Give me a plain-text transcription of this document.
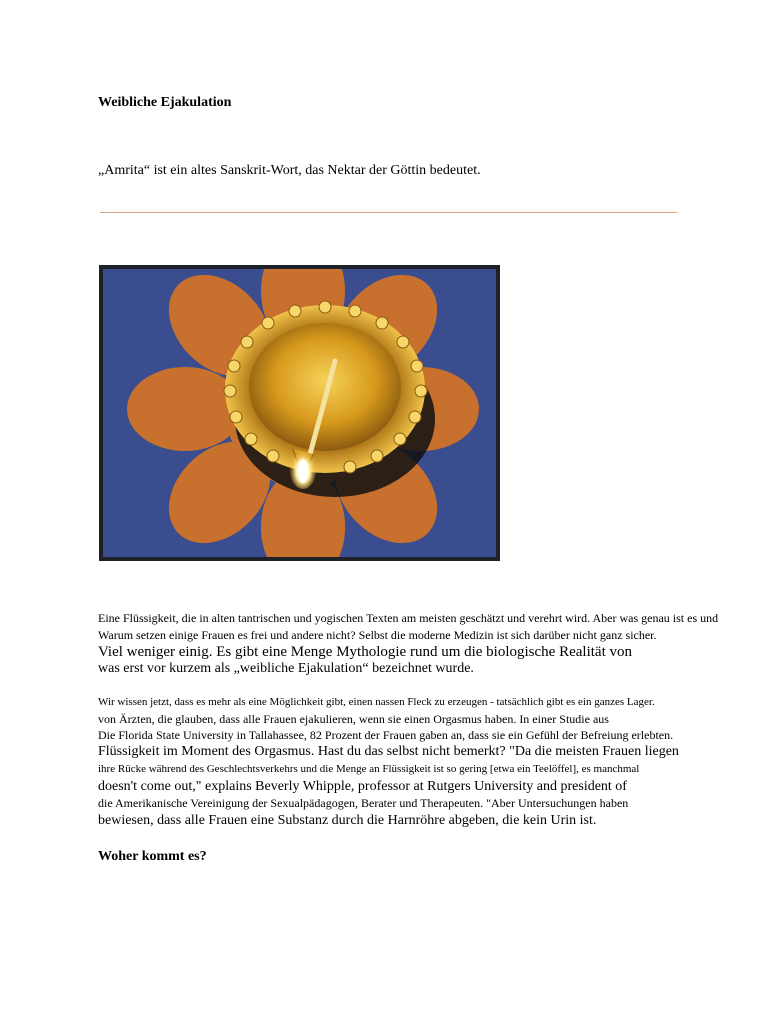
Weibliche Ejakulation
„Amrita“ ist ein altes Sanskrit-Wort, das Nektar der Göttin bedeutet.
Eine Flüssigkeit, die in alten tantrischen und yogischen Texten am meisten geschätzt und verehrt wird. Aber was genau ist es und
Warum setzen einige Frauen es frei und andere nicht? Selbst die moderne Medizin ist sich darüber nicht ganz sicher.
Viel weniger einig. Es gibt eine Menge Mythologie rund um die biologische Realität von
was erst vor kurzem als „weibliche Ejakulation“ bezeichnet wurde.
Wir wissen jetzt, dass es mehr als eine Möglichkeit gibt, einen nassen Fleck zu erzeugen - tatsächlich gibt es ein ganzes Lager.
von Ärzten, die glauben, dass alle Frauen ejakulieren, wenn sie einen Orgasmus haben. In einer Studie aus
Die Florida State University in Tallahassee, 82 Prozent der Frauen gaben an, dass sie ein Gefühl der Befreiung erlebten.
Flüssigkeit im Moment des Orgasmus. Hast du das selbst nicht bemerkt? "Da die meisten Frauen liegen
ihre Rücke während des Geschlechtsverkehrs und die Menge an Flüssigkeit ist so gering [etwa ein Teelöffel], es manchmal
doesn't come out," explains Beverly Whipple, professor at Rutgers University and president of
die Amerikanische Vereinigung der Sexualpädagogen, Berater und Therapeuten. "Aber Untersuchungen haben
bewiesen, dass alle Frauen eine Substanz durch die Harnröhre abgeben, die kein Urin ist.
Woher kommt es?
